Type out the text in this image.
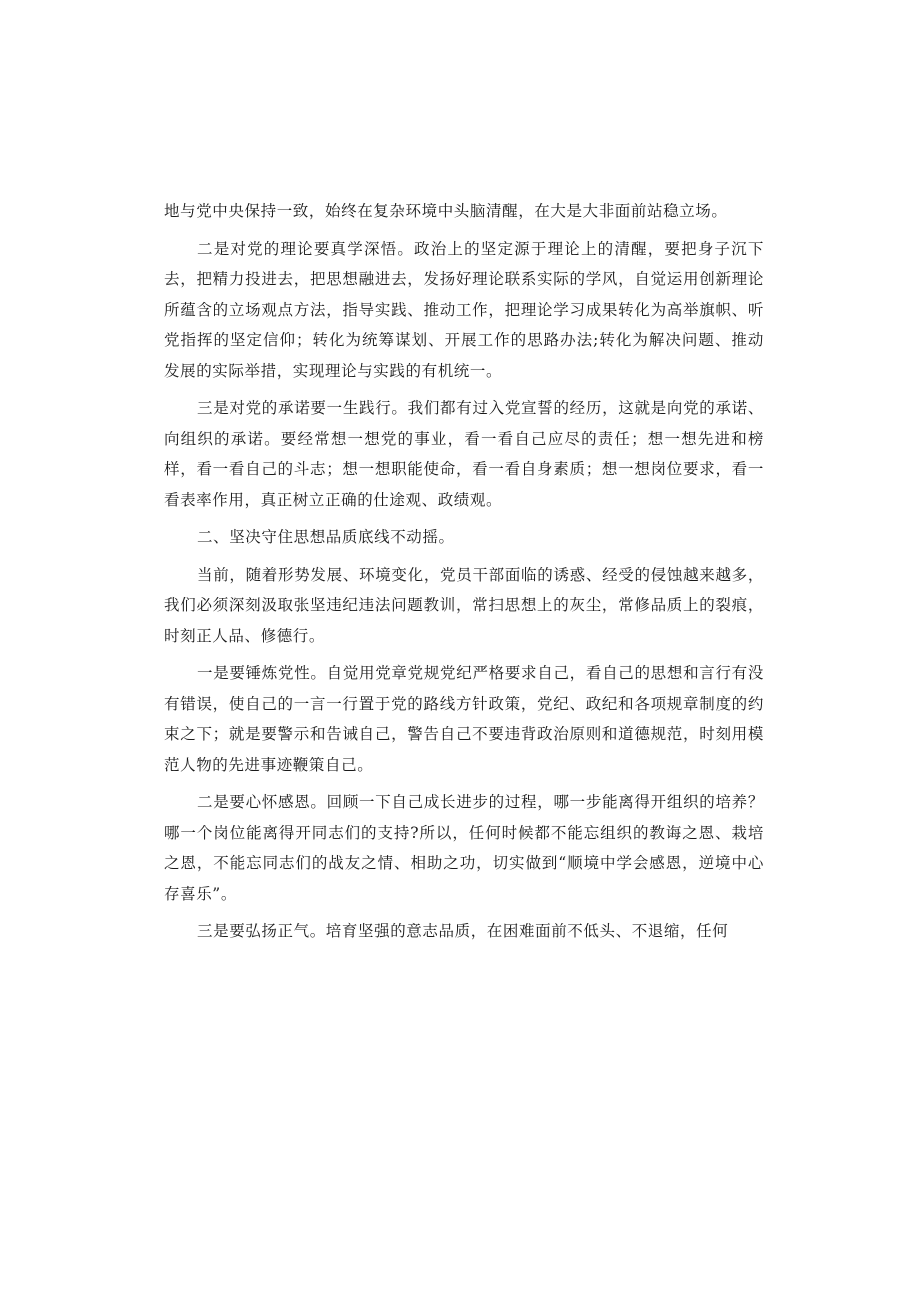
地与党中央保持一致，始终在复杂环境中头脑清醒，在大是大非面前站稳立场。

二是对党的理论要真学深悟。政治上的坚定源于理论上的清醒，要把身子沉下去，把精力投进去，把思想融进去，发扬好理论联系实际的学风，自觉运用创新理论所蕴含的立场观点方法，指导实践、推动工作，把理论学习成果转化为高举旗帜、听党指挥的坚定信仰；转化为统筹谋划、开展工作的思路办法;转化为解决问题、推动发展的实际举措，实现理论与实践的有机统一。

三是对党的承诺要一生践行。我们都有过入党宣誓的经历，这就是向党的承诺、向组织的承诺。要经常想一想党的事业，看一看自己应尽的责任；想一想先进和榜样，看一看自己的斗志；想一想职能使命，看一看自身素质；想一想岗位要求，看一看表率作用，真正树立正确的仕途观、政绩观。

二、坚决守住思想品质底线不动摇。

当前，随着形势发展、环境变化，党员干部面临的诱惑、经受的侵蚀越来越多，我们必须深刻汲取张坚违纪违法问题教训，常扫思想上的灰尘，常修品质上的裂痕，时刻正人品、修德行。

一是要锤炼党性。自觉用党章党规党纪严格要求自己，看自己的思想和言行有没有错误，使自己的一言一行置于党的路线方针政策，党纪、政纪和各项规章制度的约束之下；就是要警示和告诫自己，警告自己不要违背政治原则和道德规范，时刻用模范人物的先进事迹鞭策自己。

二是要心怀感恩。回顾一下自己成长进步的过程，哪一步能离得开组织的培养？哪一个岗位能离得开同志们的支持?所以，任何时候都不能忘组织的教诲之恩、栽培之恩，不能忘同志们的战友之情、相助之功，切实做到“顺境中学会感恩，逆境中心存喜乐”。

三是要弘扬正气。培育坚强的意志品质，在困难面前不低头、不退缩，任何
